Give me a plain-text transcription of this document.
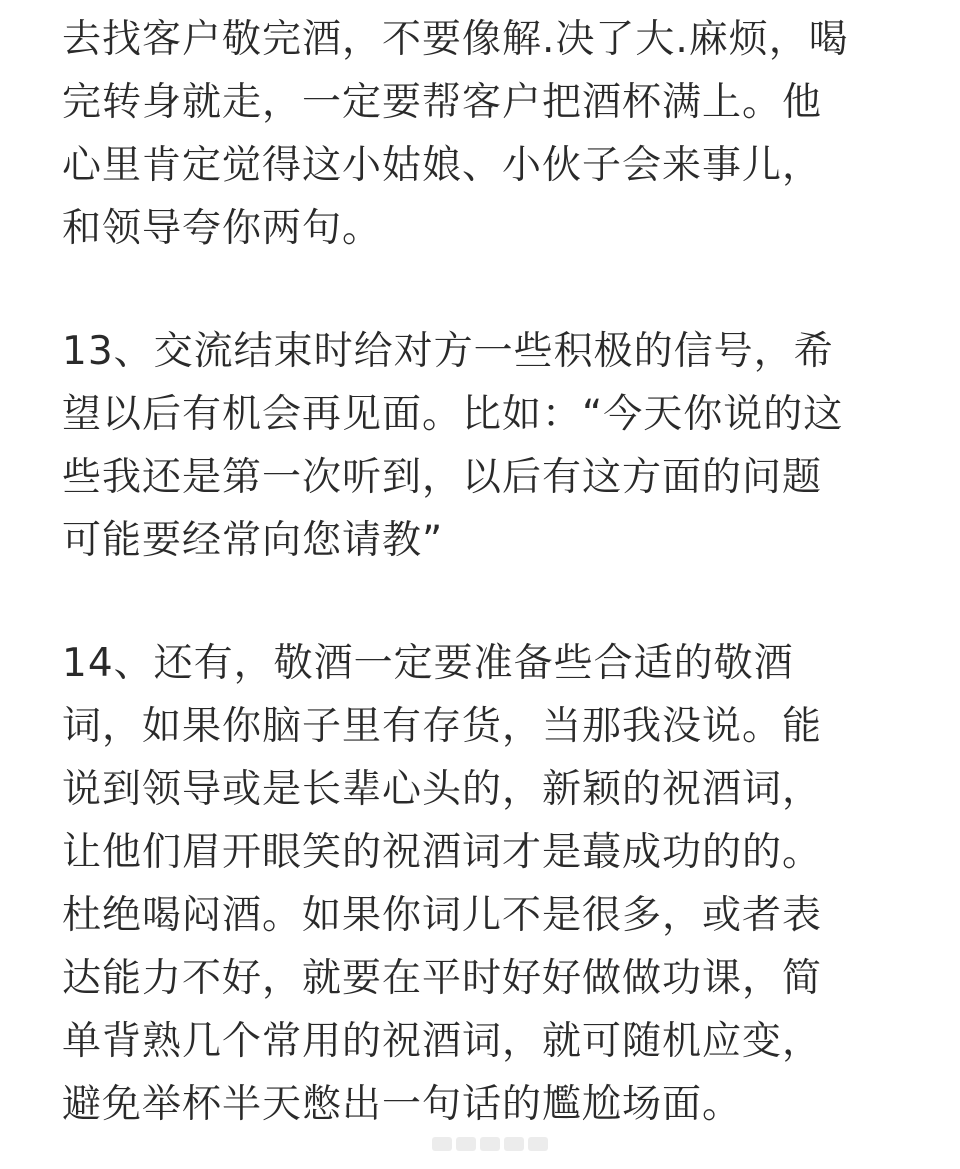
去找客户敬完酒，不要像解.决了大.麻烦，喝
完转身就走，一定要帮客户把酒杯满上。他
心里肯定觉得这小姑娘、小伙子会来事儿，
和领导夸你两句。
13、交流结束时给对方一些积极的信号，希
望以后有机会再见面。比如：“今天你说的这
些我还是第一次听到，以后有这方面的问题
可能要经常向您请教”
14、还有，敬酒一定要准备些合适的敬酒
词，如果你脑子里有存货，当那我没说。能
说到领导或是长辈心头的，新颖的祝酒词，
让他们眉开眼笑的祝酒词才是蕞成功的的。
杜绝喝闷酒。如果你词儿不是很多，或者表
达能力不好，就要在平时好好做做功课，简
单背熟几个常用的祝酒词，就可随机应变，
避免举杯半天憋出一句话的尷尬场面。
